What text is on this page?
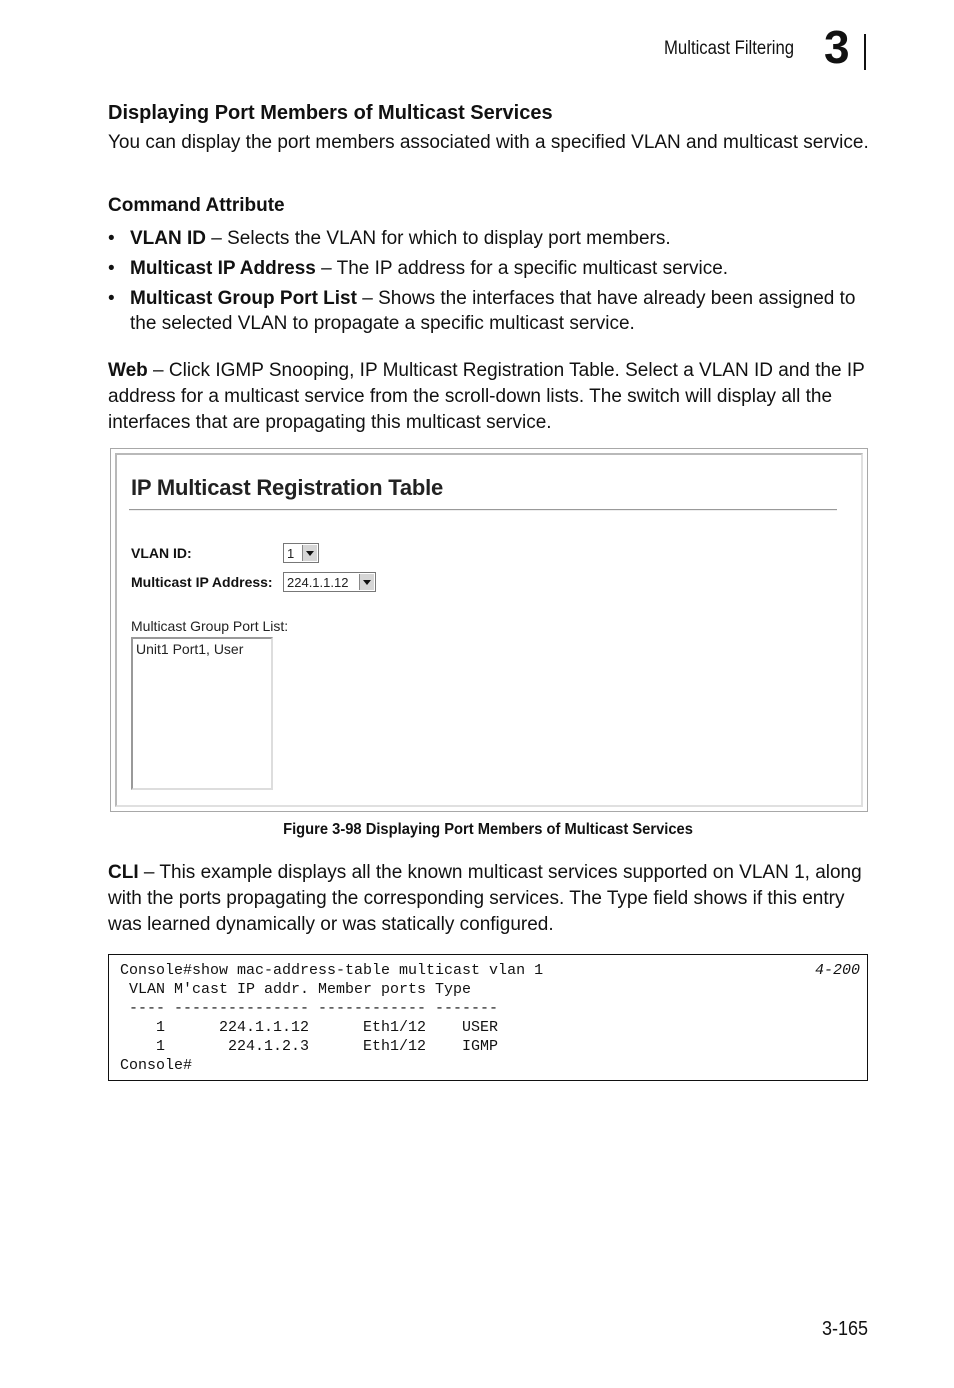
Multicast Filtering 3
Displaying Port Members of Multicast Services

You can display the port members associated with a specified VLAN and multicast service.

Command Attribute
• VLAN ID – Selects the VLAN for which to display port members.
• Multicast IP Address – The IP address for a specific multicast service.
• Multicast Group Port List – Shows the interfaces that have already been assigned to the selected VLAN to propagate a specific multicast service.

Web – Click IGMP Snooping, IP Multicast Registration Table. Select a VLAN ID and the IP address for a multicast service from the scroll-down lists. The switch will display all the interfaces that are propagating this multicast service.

IP Multicast Registration Table
VLAN ID:	1
Multicast IP Address: 224.1.1.12
Multicast Group Port List:
Unit1 Port1, User
Figure 3-98 Displaying Port Members of Multicast Services

CLI – This example displays all the known multicast services supported on VLAN 1, along with the ports propagating the corresponding services. The Type field shows if this entry was learned dynamically or was statically configured.

Console#show mac-address-table multicast vlan 1
VLAN M'cast IP addr. Member ports Type
---- --------------- ------------ -------
1      224.1.1.12      Eth1/12    USER
1       224.1.2.3      Eth1/12    IGMP
Console#
4-200
3-165
